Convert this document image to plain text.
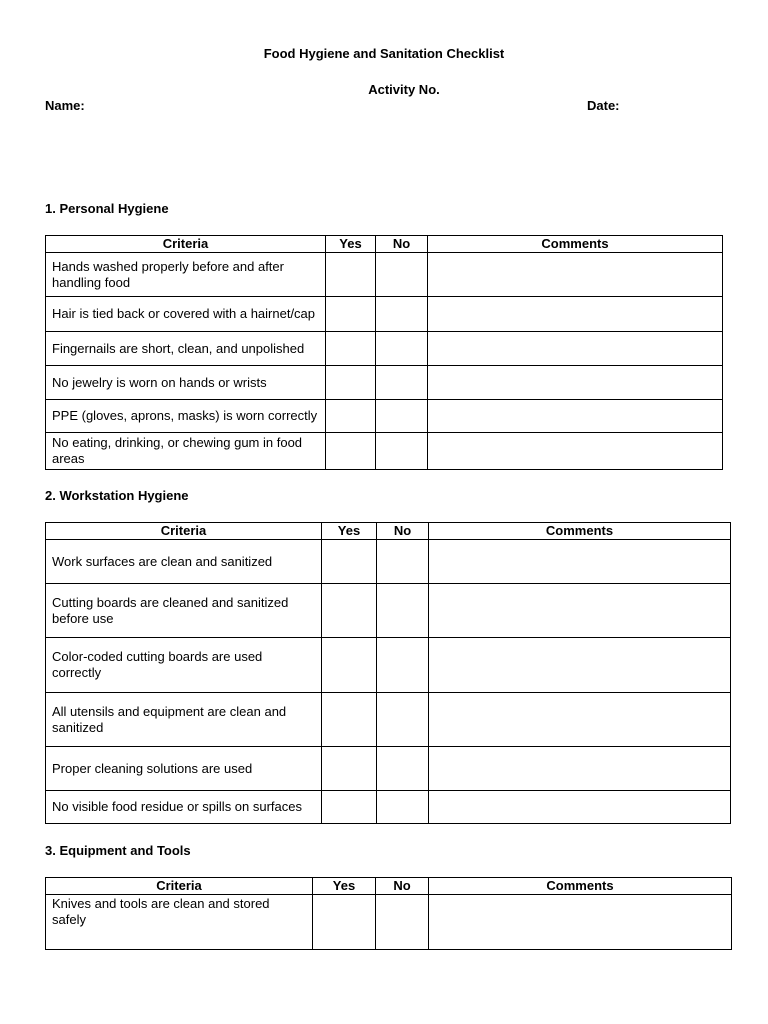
Food Hygiene and Sanitation Checklist
Activity No.
Name:	Date:
1. Personal Hygiene
Criteria	Yes	No	Comments
Hands washed properly before and after handling food			
Hair is tied back or covered with a hairnet/cap			
Fingernails are short, clean, and unpolished			
No jewelry is worn on hands or wrists			
PPE (gloves, aprons, masks) is worn correctly			
No eating, drinking, or chewing gum in food areas			
2. Workstation Hygiene
Criteria	Yes	No	Comments
Work surfaces are clean and sanitized			
Cutting boards are cleaned and sanitized before use			
Color-coded cutting boards are used correctly			
All utensils and equipment are clean and sanitized			
Proper cleaning solutions are used			
No visible food residue or spills on surfaces			
3. Equipment and Tools
Criteria	Yes	No	Comments
Knives and tools are clean and stored safely			
